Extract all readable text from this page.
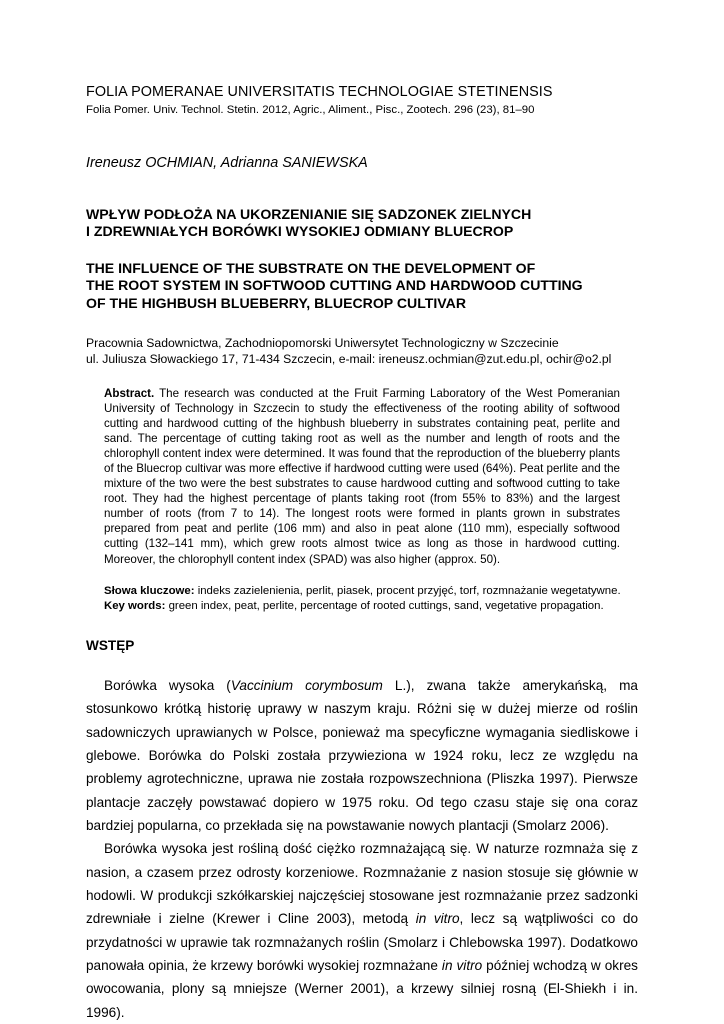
FOLIA POMERANAE UNIVERSITATIS TECHNOLOGIAE STETINENSIS
Folia Pomer. Univ. Technol. Stetin. 2012, Agric., Aliment., Pisc., Zootech. 296 (23), 81–90
Ireneusz OCHMIAN, Adrianna SANIEWSKA
WPŁYW PODŁOŻA NA UKORZENIANIE SIĘ SADZONEK ZIELNYCH
I ZDREWNIAŁYCH BORÓWKI WYSOKIEJ ODMIANY BLUECROP
THE INFLUENCE OF THE SUBSTRATE ON THE DEVELOPMENT OF
THE ROOT SYSTEM IN SOFTWOOD CUTTING AND HARDWOOD CUTTING
OF THE HIGHBUSH BLUEBERRY, BLUECROP CULTIVAR
Pracownia Sadownictwa, Zachodniopomorski Uniwersytet Technologiczny w Szczecinie
ul. Juliusza Słowackiego 17, 71-434 Szczecin, e-mail: ireneusz.ochmian@zut.edu.pl, ochir@o2.pl
Abstract. The research was conducted at the Fruit Farming Laboratory of the West Pomeranian University of Technology in Szczecin to study the effectiveness of the rooting ability of softwood cutting and hardwood cutting of the highbush blueberry in substrates containing peat, perlite and sand. The percentage of cutting taking root as well as the number and length of roots and the chlorophyll content index were determined. It was found that the reproduction of the blueberry plants of the Bluecrop cultivar was more effective if hardwood cutting were used (64%). Peat perlite and the mixture of the two were the best substrates to cause hardwood cutting and softwood cutting to take root. They had the highest percentage of plants taking root (from 55% to 83%) and the largest number of roots (from 7 to 14). The longest roots were formed in plants grown in substrates prepared from peat and perlite (106 mm) and also in peat alone (110 mm), especially softwood cutting (132–141 mm), which grew roots almost twice as long as those in hardwood cutting. Moreover, the chlorophyll content index (SPAD) was also higher (approx. 50).
Słowa kluczowe: indeks zazielenienia, perlit, piasek, procent przyjęć, torf, rozmnażanie wegetatywne.
Key words: green index, peat, perlite, percentage of rooted cuttings, sand, vegetative propagation.
WSTĘP

Borówka wysoka (Vaccinium corymbosum L.), zwana także amerykańską, ma stosunkowo krótką historię uprawy w naszym kraju. Różni się w dużej mierze od roślin sadowniczych uprawianych w Polsce, ponieważ ma specyficzne wymagania siedliskowe i glebowe. Borówka do Polski została przywieziona w 1924 roku, lecz ze względu na problemy agrotechniczne, uprawa nie została rozpowszechniona (Pliszka 1997). Pierwsze plantacje zaczęły powstawać dopiero w 1975 roku. Od tego czasu staje się ona coraz bardziej popularna, co przekłada się na powstawanie nowych plantacji (Smolarz 2006).

Borówka wysoka jest rośliną dość ciężko rozmnażającą się. W naturze rozmnaża się z nasion, a czasem przez odrosty korzeniowe. Rozmnażanie z nasion stosuje się głównie w hodowli. W produkcji szkółkarskiej najczęściej stosowane jest rozmnażanie przez sadzonki zdrewniałe i zielne (Krewer i Cline 2003), metodą in vitro, lecz są wątpliwości co do przydatności w uprawie tak rozmnażanych roślin (Smolarz i Chlebowska 1997). Dodatkowo panowała opinia, że krzewy borówki wysokiej rozmnażane in vitro później wchodzą w okres owocowania, plony są mniejsze (Werner 2001), a krzewy silniej rosną (El-Shiekh i in. 1996).
